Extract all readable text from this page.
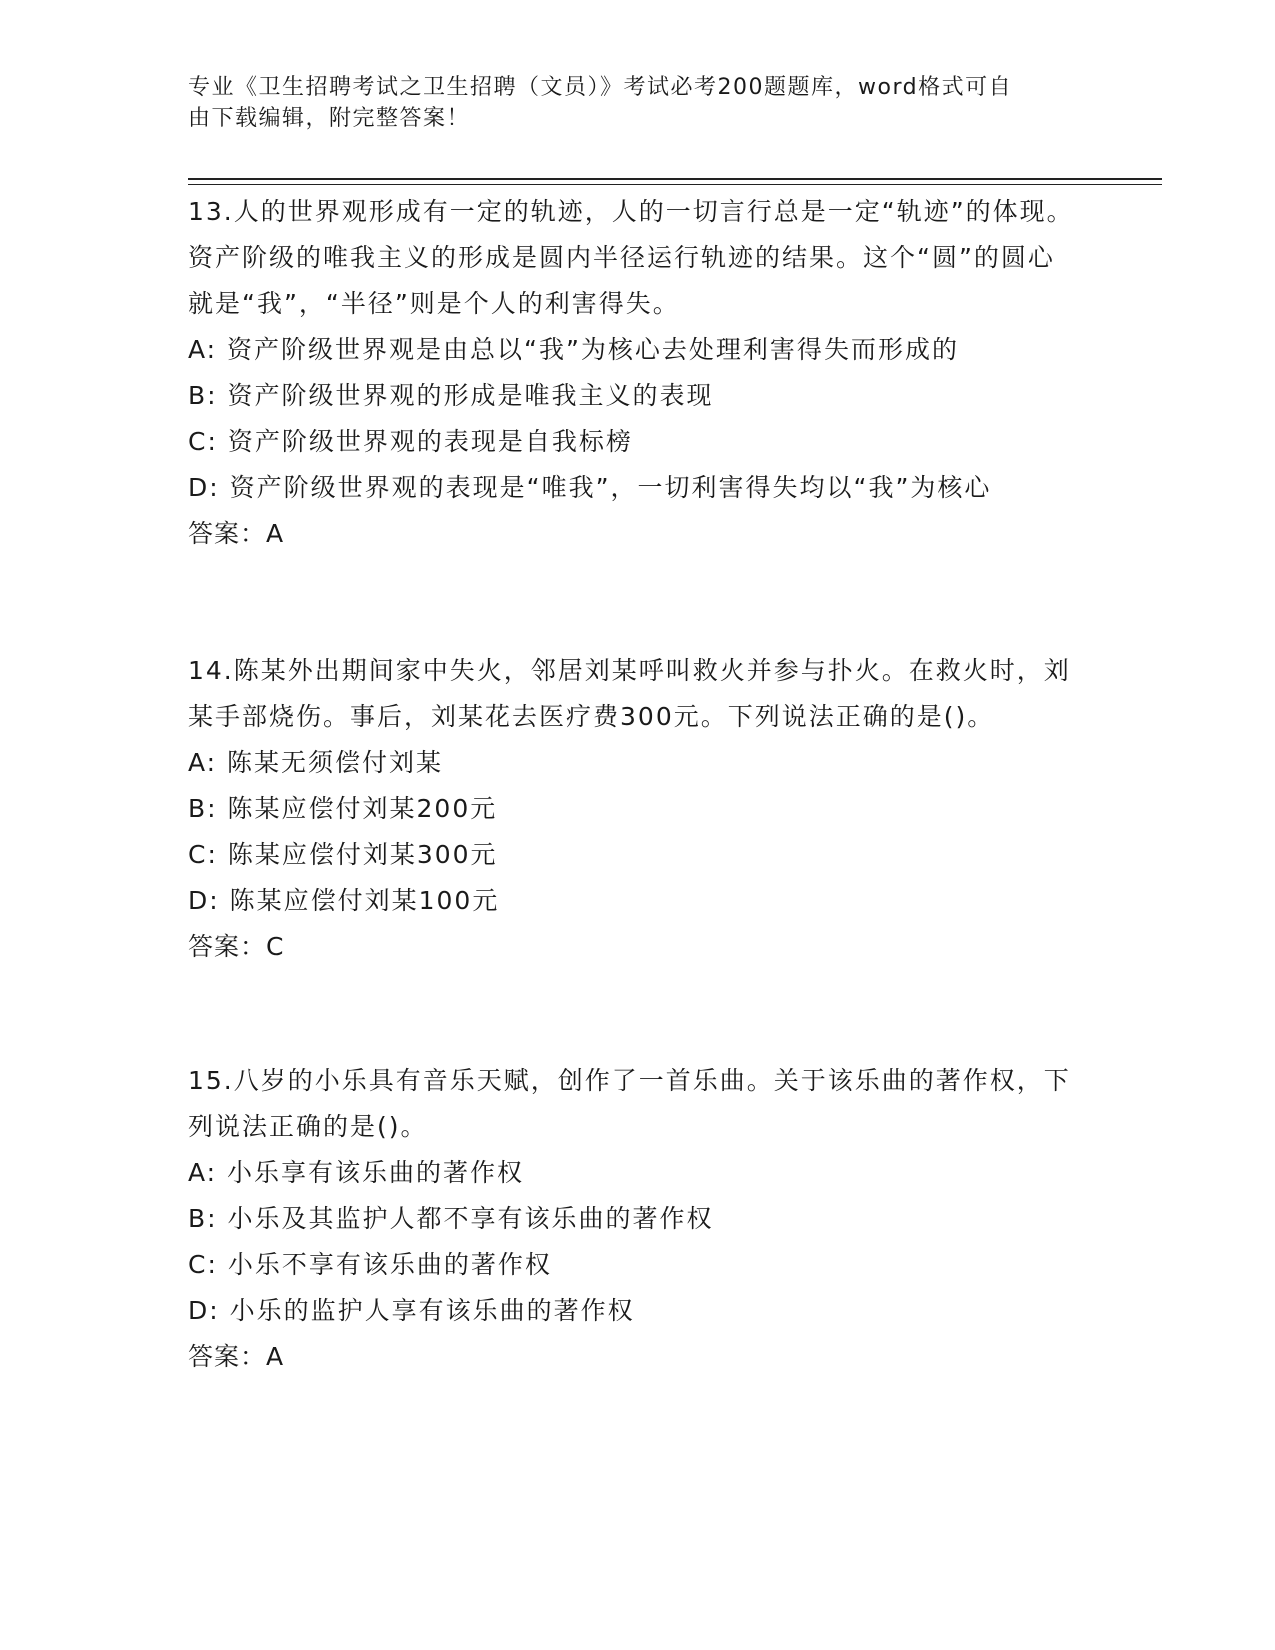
专业《卫生招聘考试之卫生招聘（文员）》考试必考200题题库，word格式可自
由下载编辑，附完整答案！

13.人的世界观形成有一定的轨迹，人的一切言行总是一定“轨迹”的体现。资产阶级的唯我主义的形成是圆内半径运行轨迹的结果。这个“圆”的圆心就是“我”，“半径”则是个人的利害得失。

A: 资产阶级世界观是由总以“我”为核心去处理利害得失而形成的

B: 资产阶级世界观的形成是唯我主义的表现

C: 资产阶级世界观的表现是自我标榜

D: 资产阶级世界观的表现是“唯我”，一切利害得失均以“我”为核心

答案：A

14.陈某外出期间家中失火，邻居刘某呼叫救火并参与扑火。在救火时，刘某手部烧伤。事后，刘某花去医疗费300元。下列说法正确的是()。

A: 陈某无须偿付刘某

B: 陈某应偿付刘某200元

C: 陈某应偿付刘某300元

D: 陈某应偿付刘某100元

答案：C

15.八岁的小乐具有音乐天赋，创作了一首乐曲。关于该乐曲的著作权，下列说法正确的是()。

A: 小乐享有该乐曲的著作权

B: 小乐及其监护人都不享有该乐曲的著作权

C: 小乐不享有该乐曲的著作权

D: 小乐的监护人享有该乐曲的著作权

答案：A
